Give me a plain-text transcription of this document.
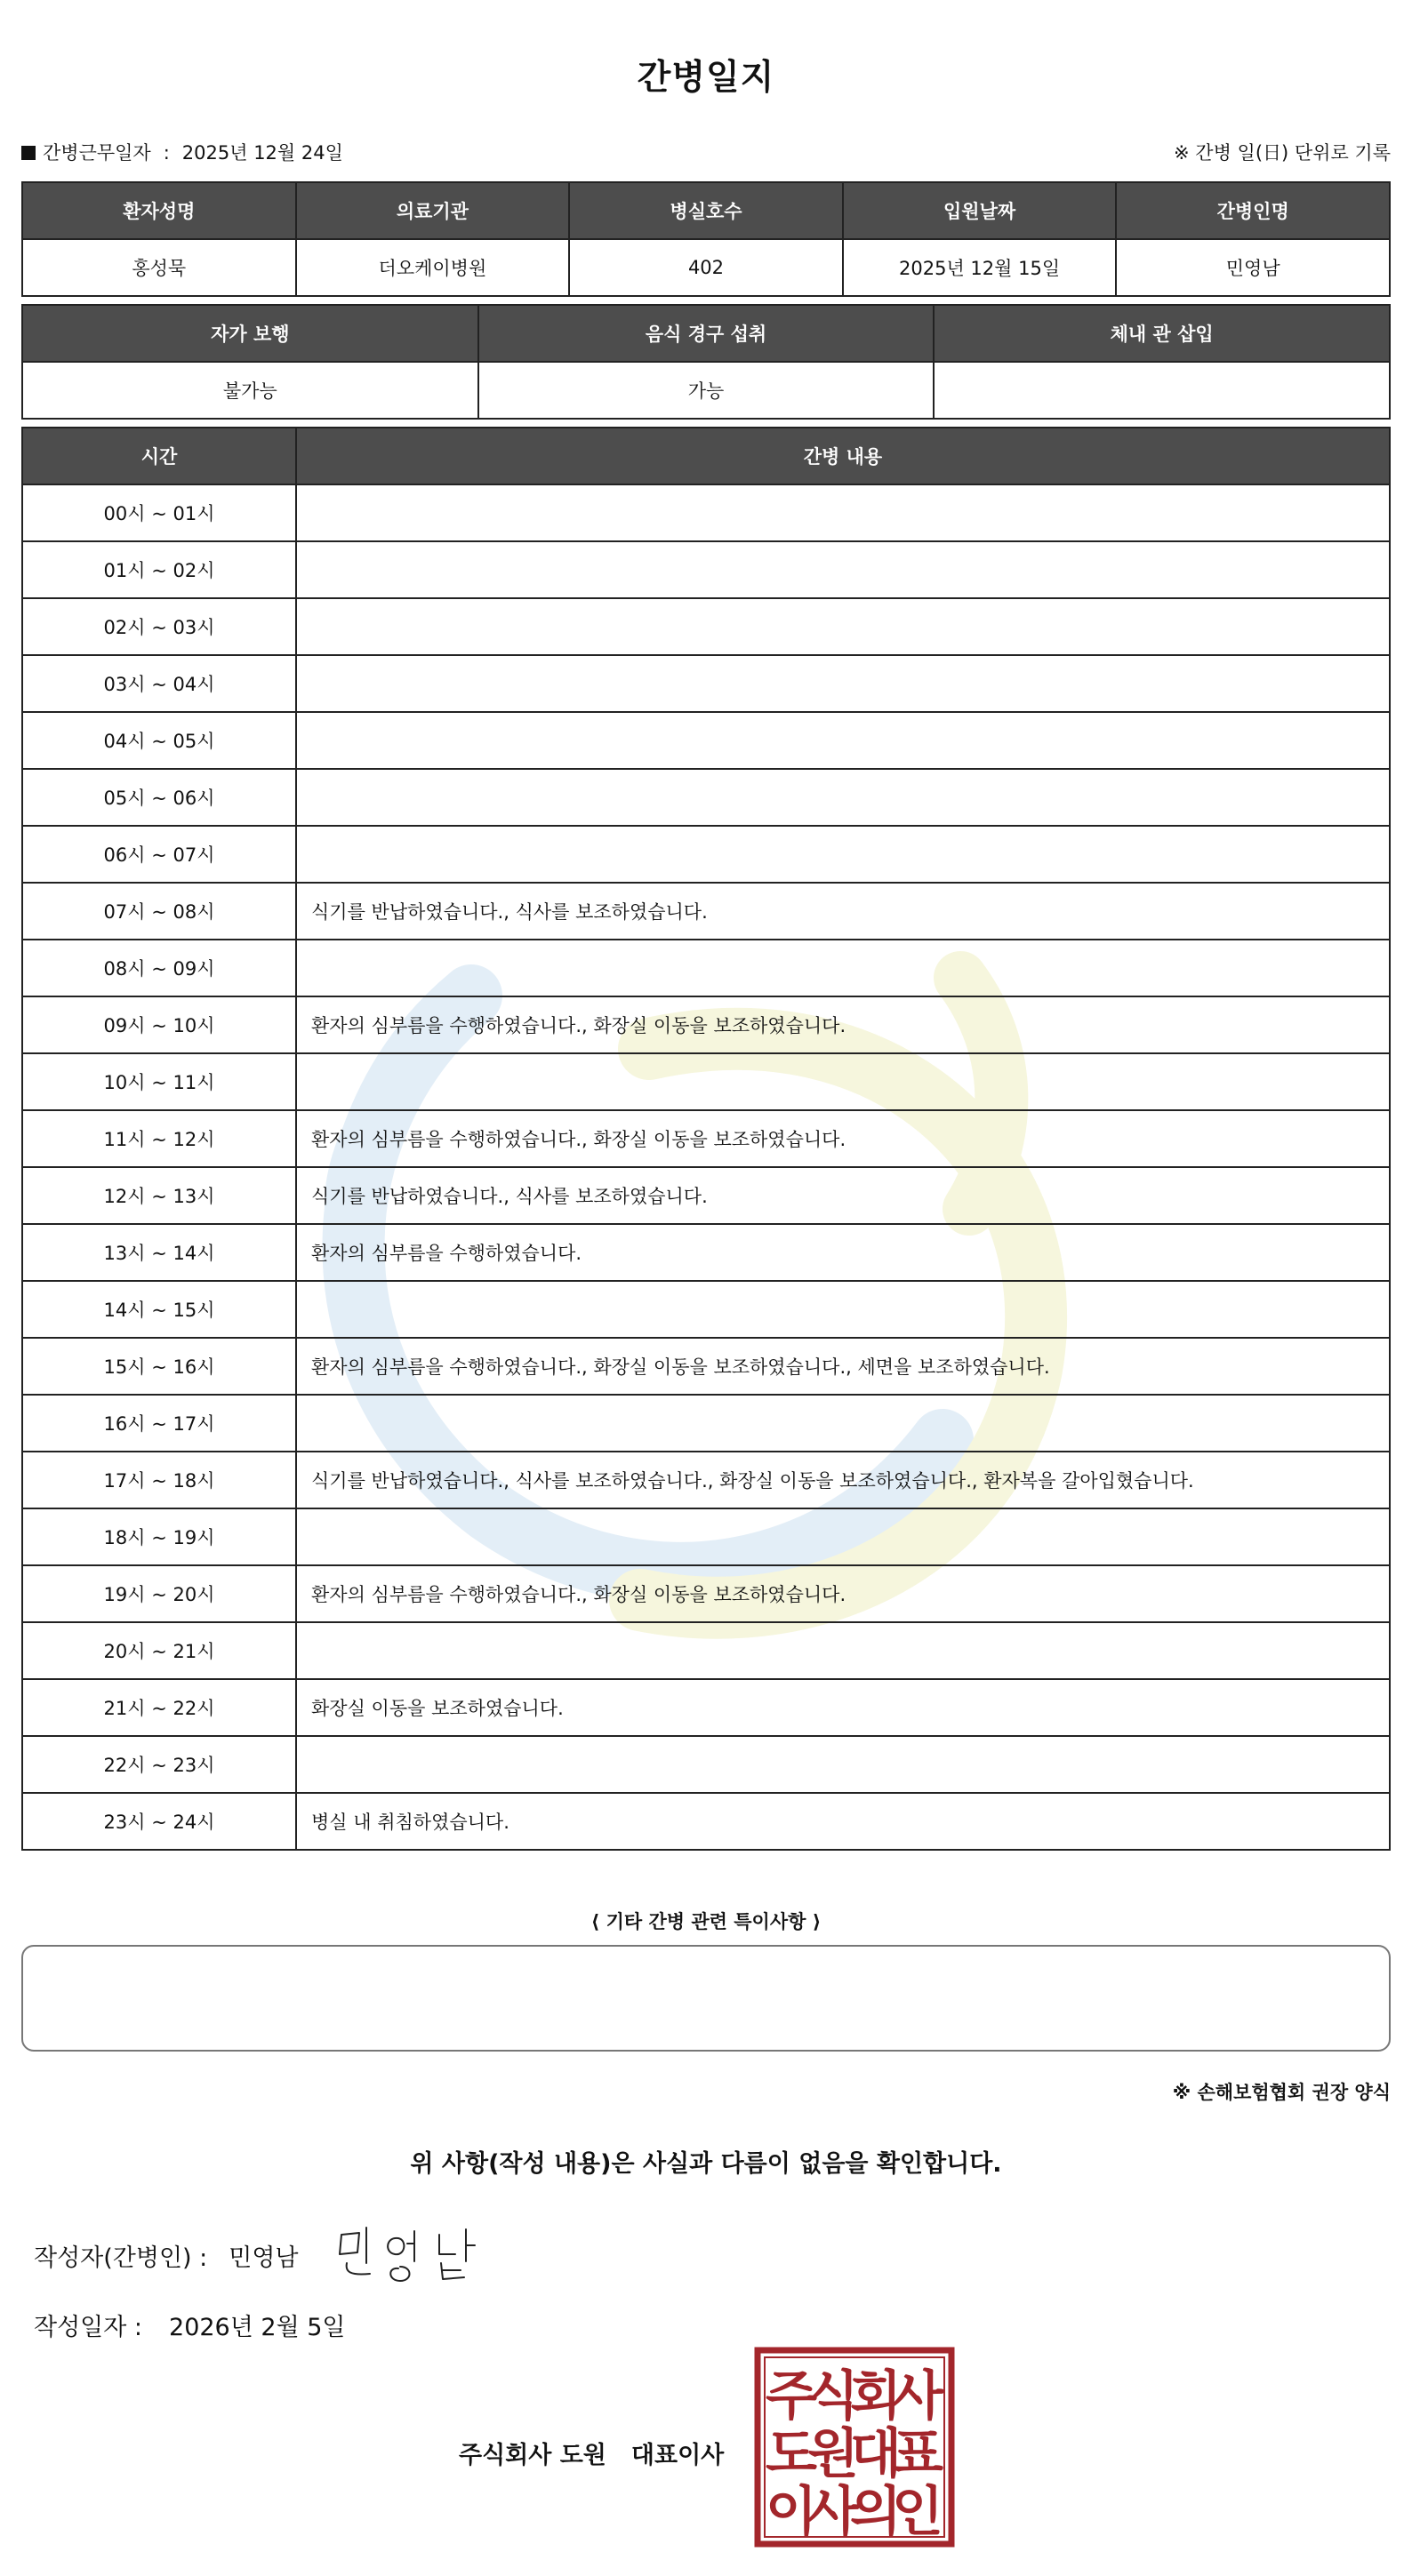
간병일지
간병근무일자 : 2025년 12월 24일	※ 간병 일(日) 단위로 기록
환자성명	의료기관	병실호수	입원날짜	간병인명
홍성묵	더오케이병원	402	2025년 12월 15일	민영남
자가 보행	음식 경구 섭취	체내 관 삽입
불가능	가능	
시간	간병 내용
00시 ~ 01시	
01시 ~ 02시	
02시 ~ 03시	
03시 ~ 04시	
04시 ~ 05시	
05시 ~ 06시	
06시 ~ 07시	
07시 ~ 08시	식기를 반납하였습니다., 식사를 보조하였습니다.
08시 ~ 09시	
09시 ~ 10시	환자의 심부름을 수행하였습니다., 화장실 이동을 보조하였습니다.
10시 ~ 11시	
11시 ~ 12시	환자의 심부름을 수행하였습니다., 화장실 이동을 보조하였습니다.
12시 ~ 13시	식기를 반납하였습니다., 식사를 보조하였습니다.
13시 ~ 14시	환자의 심부름을 수행하였습니다.
14시 ~ 15시	
15시 ~ 16시	환자의 심부름을 수행하였습니다., 화장실 이동을 보조하였습니다., 세면을 보조하였습니다.
16시 ~ 17시	
17시 ~ 18시	식기를 반납하였습니다., 식사를 보조하였습니다., 화장실 이동을 보조하였습니다., 환자복을 갈아입혔습니다.
18시 ~ 19시	
19시 ~ 20시	환자의 심부름을 수행하였습니다., 화장실 이동을 보조하였습니다.
20시 ~ 21시	
21시 ~ 22시	화장실 이동을 보조하였습니다.
22시 ~ 23시	
23시 ~ 24시	병실 내 취침하였습니다.
⟨ 기타 간병 관련 특이사항 ⟩
※ 손해보험협회 권장 양식
위 사항(작성 내용)은 사실과 다름이 없음을 확인합니다.
작성자(간병인) : 민영남
작성일자 : 2026년 2월 5일
주식회사 도원 대표이사
주
식
회
사
도
원
대
표
이
사
의
인
